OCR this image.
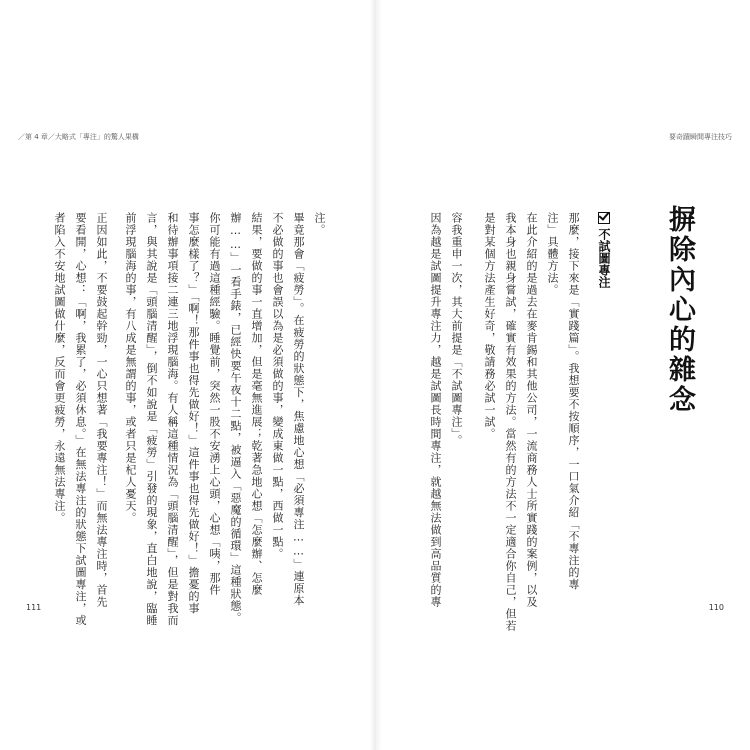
／第 4 章／大略式「專注」的驚人果構	要奇蹟瞬間專注技巧
摒除內心的雜念
不試圖專注
那麼，接下來是「實踐篇」。我想要不按順序，一口氣介紹「不專注的專
注」具體方法。
在此介紹的是過去在麥肯錫和其他公司，一流商務人士所實踐的案例，以及
我本身也親身嘗試，確實有效果的方法。當然有的方法不一定適合你自己，但若
是對某個方法產生好奇，敬請務必試一試。
容我重申一次，其大前提是「不試圖專注」。
因為越是試圖提升專注力，越是試圖長時間專注，就越無法做到高品質的專
注。
畢竟那會「疲勞」。在疲勞的狀態下，焦慮地心想「必須專注……」連原本
不必做的事也會誤以為是必須做的事，變成東做一點，西做一點。
結果，要做的事一直增加，但是毫無進展；乾著急地心想「怎麼辦、怎麼
辦……」一看手錶，已經快要午夜十二點，被逼入「惡魔的循環」這種狀態。
你可能有過這種經驗。睡覺前，突然一股不安湧上心頭，心想「咦，那件
事怎麼樣了？」「啊！那件事也得先做好！」這件事也得先做好！」擔憂的事
和待辦事項接二連三地浮現腦海。有人稱這種情況為「頭腦清醒」，但是對我而
言，與其說是「頭腦清醒」，倒不如說是「疲勞」引發的現象，直白地說，臨睡
前浮現腦海的事，有八成是無謂的事，或者只是杞人憂天。
正因如此，不要鼓起幹勁，一心只想著「我要專注！」而無法專注時，首先
要看開，心想：「啊，我累了，必須休息。」在無法專注的狀態下試圖專注，或
者陷入不安地試圖做什麼，反而會更疲勞，永遠無法專注。
111	110
